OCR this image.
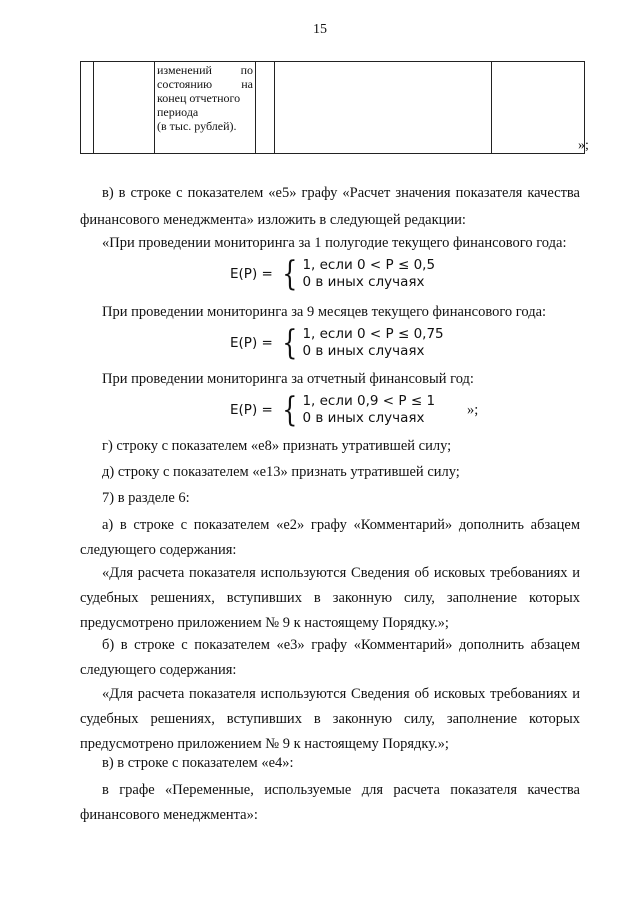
15

изменений по
состоянию на
конец отчетного
периода
(в тыс. рублей).

»;
в) в строке с показателем «е5» графу «Расчет значения показателя качества финансового менеджмента» изложить в следующей редакции:
«При проведении мониторинга за 1 полугодие текущего финансового года:
E(P) = { 1, если 0 < P ≤ 0,5
0 в иных случаях
При проведении мониторинга за 9 месяцев текущего финансового года:
E(P) = { 1, если 0 < P ≤ 0,75
0 в иных случаях
При проведении мониторинга за отчетный финансовый год:
E(P) = { 1, если 0,9 < P ≤ 1
0 в иных случаях
»;
г) строку с показателем «е8» признать утратившей силу;
д) строку с показателем «е13» признать утратившей силу;
7) в разделе 6:
а) в строке с показателем «е2» графу «Комментарий» дополнить абзацем следующего содержания:
«Для расчета показателя используются Сведения об исковых требованиях и судебных решениях, вступивших в законную силу, заполнение которых предусмотрено приложением № 9 к настоящему Порядку.»;
б) в строке с показателем «е3» графу «Комментарий» дополнить абзацем следующего содержания:
«Для расчета показателя используются Сведения об исковых требованиях и судебных решениях, вступивших в законную силу, заполнение которых предусмотрено приложением № 9 к настоящему Порядку.»;
в) в строке с показателем «е4»:
в графе «Переменные, используемые для расчета показателя качества финансового менеджмента»:
